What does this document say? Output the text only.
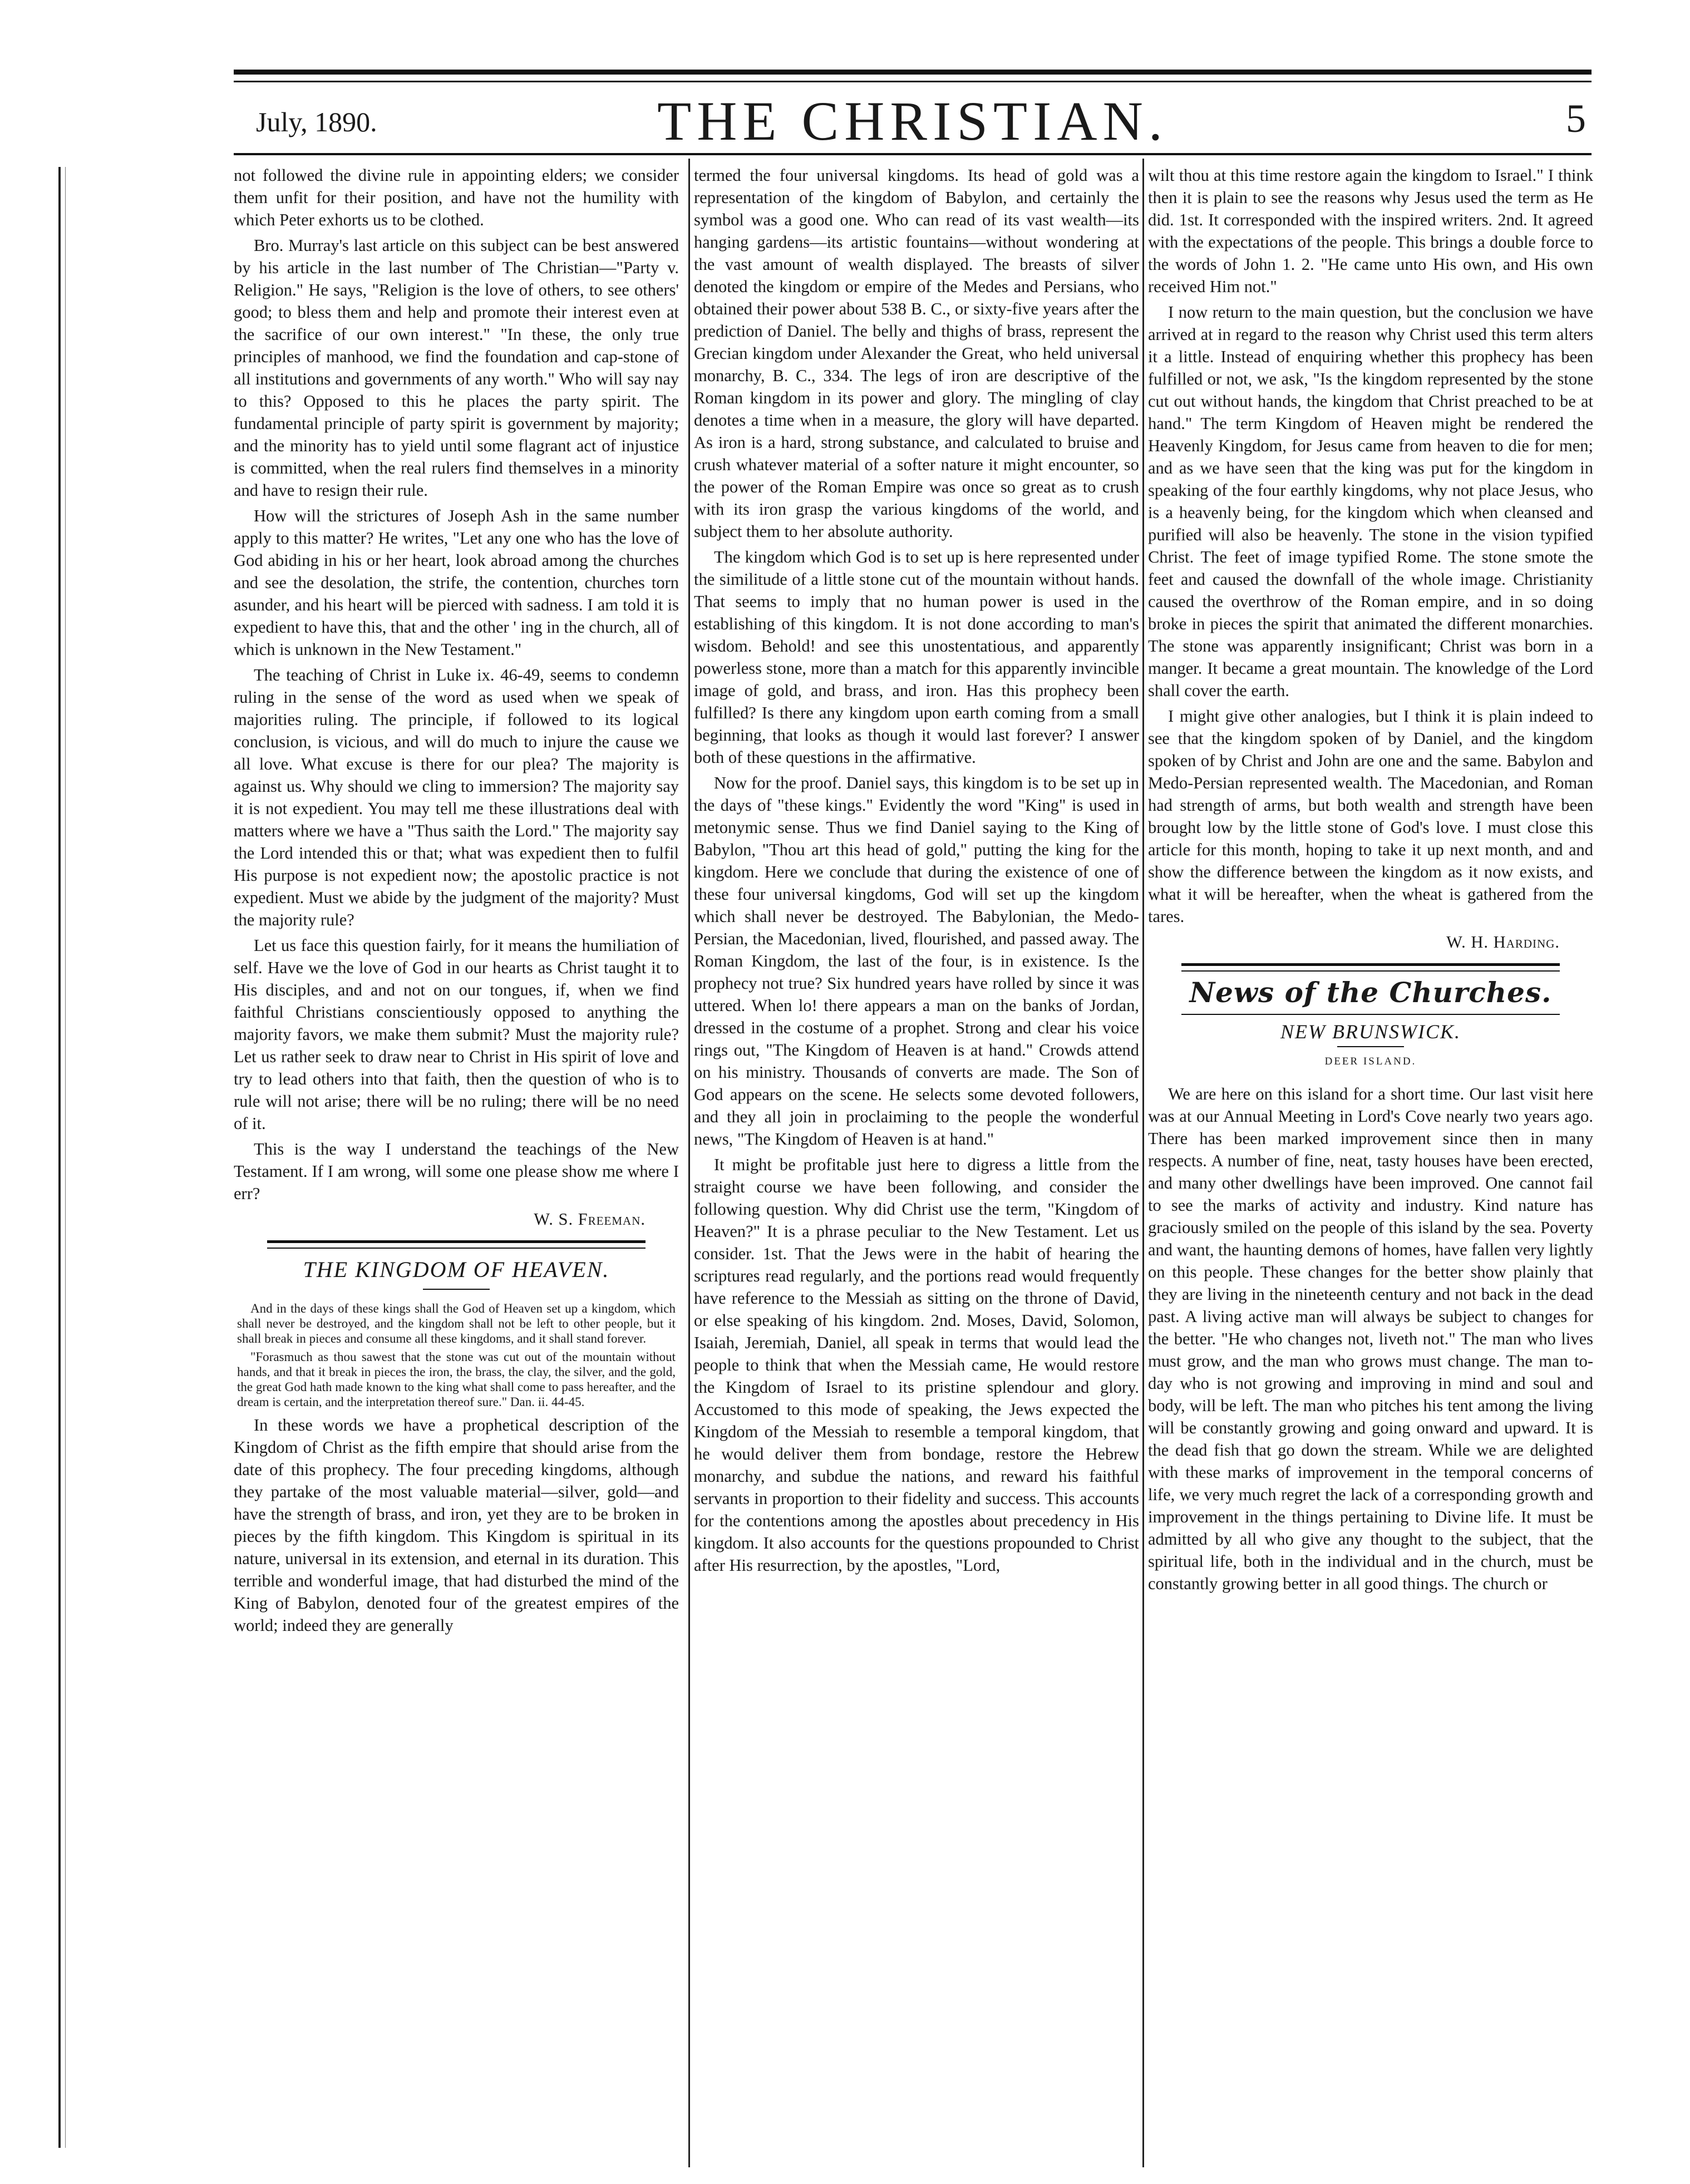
July, 1890.	THE CHRISTIAN.	5

not followed the divine rule in appointing elders; we consider them unfit for their position, and have not the humility with which Peter exhorts us to be clothed.

Bro. Murray's last article on this subject can be best answered by his article in the last number of The Christian—"Party v. Religion." He says, "Religion is the love of others, to see others' good; to bless them and help and promote their interest even at the sacrifice of our own interest." "In these, the only true principles of manhood, we find the foundation and cap-stone of all institutions and governments of any worth." Who will say nay to this? Opposed to this he places the party spirit. The fundamental principle of party spirit is government by majority; and the minority has to yield until some flagrant act of injustice is committed, when the real rulers find themselves in a minority and have to resign their rule.

How will the strictures of Joseph Ash in the same number apply to this matter? He writes, "Let any one who has the love of God abiding in his or her heart, look abroad among the churches and see the desolation, the strife, the contention, churches torn asunder, and his heart will be pierced with sadness. I am told it is expedient to have this, that and the other ' ing in the church, all of which is unknown in the New Testament."

The teaching of Christ in Luke ix. 46-49, seems to condemn ruling in the sense of the word as used when we speak of majorities ruling. The principle, if followed to its logical conclusion, is vicious, and will do much to injure the cause we all love. What excuse is there for our plea? The majority is against us. Why should we cling to immersion? The majority say it is not expedient. You may tell me these illustrations deal with matters where we have a "Thus saith the Lord." The majority say the Lord intended this or that; what was expedient then to fulfil His purpose is not expedient now; the apostolic practice is not expedient. Must we abide by the judgment of the majority? Must the majority rule?

Let us face this question fairly, for it means the humiliation of self. Have we the love of God in our hearts as Christ taught it to His disciples, and and not on our tongues, if, when we find faithful Christians conscientiously opposed to anything the majority favors, we make them submit? Must the majority rule? Let us rather seek to draw near to Christ in His spirit of love and try to lead others into that faith, then the question of who is to rule will not arise; there will be no ruling; there will be no need of it.

This is the way I understand the teachings of the New Testament. If I am wrong, will some one please show me where I err?

W. S. Freeman.

THE KINGDOM OF HEAVEN.

And in the days of these kings shall the God of Heaven set up a kingdom, which shall never be destroyed, and the kingdom shall not be left to other people, but it shall break in pieces and consume all these kingdoms, and it shall stand forever.

"Forasmuch as thou sawest that the stone was cut out of the mountain without hands, and that it break in pieces the iron, the brass, the clay, the silver, and the gold, the great God hath made known to the king what shall come to pass hereafter, and the dream is certain, and the interpretation thereof sure." Dan. ii. 44-45.

In these words we have a prophetical description of the Kingdom of Christ as the fifth empire that should arise from the date of this prophecy. The four preceding kingdoms, although they partake of the most valuable material—silver, gold—and have the strength of brass, and iron, yet they are to be broken in pieces by the fifth kingdom. This Kingdom is spiritual in its nature, universal in its extension, and eternal in its duration. This terrible and wonderful image, that had disturbed the mind of the King of Babylon, denoted four of the greatest empires of the world; indeed they are generally

termed the four universal kingdoms. Its head of gold was a representation of the kingdom of Babylon, and certainly the symbol was a good one. Who can read of its vast wealth—its hanging gardens—its artistic fountains—without wondering at the vast amount of wealth displayed. The breasts of silver denoted the kingdom or empire of the Medes and Persians, who obtained their power about 538 B. C., or sixty-five years after the prediction of Daniel. The belly and thighs of brass, represent the Grecian kingdom under Alexander the Great, who held universal monarchy, B. C., 334. The legs of iron are descriptive of the Roman kingdom in its power and glory. The mingling of clay denotes a time when in a measure, the glory will have departed. As iron is a hard, strong substance, and calculated to bruise and crush whatever material of a softer nature it might encounter, so the power of the Roman Empire was once so great as to crush with its iron grasp the various kingdoms of the world, and subject them to her absolute authority.

The kingdom which God is to set up is here represented under the similitude of a little stone cut of the mountain without hands. That seems to imply that no human power is used in the establishing of this kingdom. It is not done according to man's wisdom. Behold! and see this unostentatious, and apparently powerless stone, more than a match for this apparently invincible image of gold, and brass, and iron. Has this prophecy been fulfilled? Is there any kingdom upon earth coming from a small beginning, that looks as though it would last forever? I answer both of these questions in the affirmative.

Now for the proof. Daniel says, this kingdom is to be set up in the days of "these kings." Evidently the word "King" is used in metonymic sense. Thus we find Daniel saying to the King of Babylon, "Thou art this head of gold," putting the king for the kingdom. Here we conclude that during the existence of one of these four universal kingdoms, God will set up the kingdom which shall never be destroyed. The Babylonian, the Medo-Persian, the Macedonian, lived, flourished, and passed away. The Roman Kingdom, the last of the four, is in existence. Is the prophecy not true? Six hundred years have rolled by since it was uttered. When lo! there appears a man on the banks of Jordan, dressed in the costume of a prophet. Strong and clear his voice rings out, "The Kingdom of Heaven is at hand." Crowds attend on his ministry. Thousands of converts are made. The Son of God appears on the scene. He selects some devoted followers, and they all join in proclaiming to the people the wonderful news, "The Kingdom of Heaven is at hand."

It might be profitable just here to digress a little from the straight course we have been following, and consider the following question. Why did Christ use the term, "Kingdom of Heaven?" It is a phrase peculiar to the New Testament. Let us consider. 1st. That the Jews were in the habit of hearing the scriptures read regularly, and the portions read would frequently have reference to the Messiah as sitting on the throne of David, or else speaking of his kingdom. 2nd. Moses, David, Solomon, Isaiah, Jeremiah, Daniel, all speak in terms that would lead the people to think that when the Messiah came, He would restore the Kingdom of Israel to its pristine splendour and glory. Accustomed to this mode of speaking, the Jews expected the Kingdom of the Messiah to resemble a temporal kingdom, that he would deliver them from bondage, restore the Hebrew monarchy, and subdue the nations, and reward his faithful servants in proportion to their fidelity and success. This accounts for the contentions among the apostles about precedency in His kingdom. It also accounts for the questions propounded to Christ after His resurrection, by the apostles, "Lord,

wilt thou at this time restore again the kingdom to Israel." I think then it is plain to see the reasons why Jesus used the term as He did. 1st. It corresponded with the inspired writers. 2nd. It agreed with the expectations of the people. This brings a double force to the words of John 1. 2. "He came unto His own, and His own received Him not."

I now return to the main question, but the conclusion we have arrived at in regard to the reason why Christ used this term alters it a little. Instead of enquiring whether this prophecy has been fulfilled or not, we ask, "Is the kingdom represented by the stone cut out without hands, the kingdom that Christ preached to be at hand." The term Kingdom of Heaven might be rendered the Heavenly Kingdom, for Jesus came from heaven to die for men; and as we have seen that the king was put for the kingdom in speaking of the four earthly kingdoms, why not place Jesus, who is a heavenly being, for the kingdom which when cleansed and purified will also be heavenly. The stone in the vision typified Christ. The feet of image typified Rome. The stone smote the feet and caused the downfall of the whole image. Christianity caused the overthrow of the Roman empire, and in so doing broke in pieces the spirit that animated the different monarchies. The stone was apparently insignificant; Christ was born in a manger. It became a great mountain. The knowledge of the Lord shall cover the earth.

I might give other analogies, but I think it is plain indeed to see that the kingdom spoken of by Daniel, and the kingdom spoken of by Christ and John are one and the same. Babylon and Medo-Persian represented wealth. The Macedonian, and Roman had strength of arms, but both wealth and strength have been brought low by the little stone of God's love. I must close this article for this month, hoping to take it up next month, and and show the difference between the kingdom as it now exists, and what it will be hereafter, when the wheat is gathered from the tares.

W. H. Harding.

News of the Churches.
NEW BRUNSWICK.
DEER ISLAND.

We are here on this island for a short time. Our last visit here was at our Annual Meeting in Lord's Cove nearly two years ago. There has been marked improvement since then in many respects. A number of fine, neat, tasty houses have been erected, and many other dwellings have been improved. One cannot fail to see the marks of activity and industry. Kind nature has graciously smiled on the people of this island by the sea. Poverty and want, the haunting demons of homes, have fallen very lightly on this people. These changes for the better show plainly that they are living in the nineteenth century and not back in the dead past. A living active man will always be subject to changes for the better. "He who changes not, liveth not." The man who lives must grow, and the man who grows must change. The man to-day who is not growing and improving in mind and soul and body, will be left. The man who pitches his tent among the living will be constantly growing and going onward and upward. It is the dead fish that go down the stream. While we are delighted with these marks of improvement in the temporal concerns of life, we very much regret the lack of a corresponding growth and improvement in the things pertaining to Divine life. It must be admitted by all who give any thought to the subject, that the spiritual life, both in the individual and in the church, must be constantly growing better in all good things. The church or
